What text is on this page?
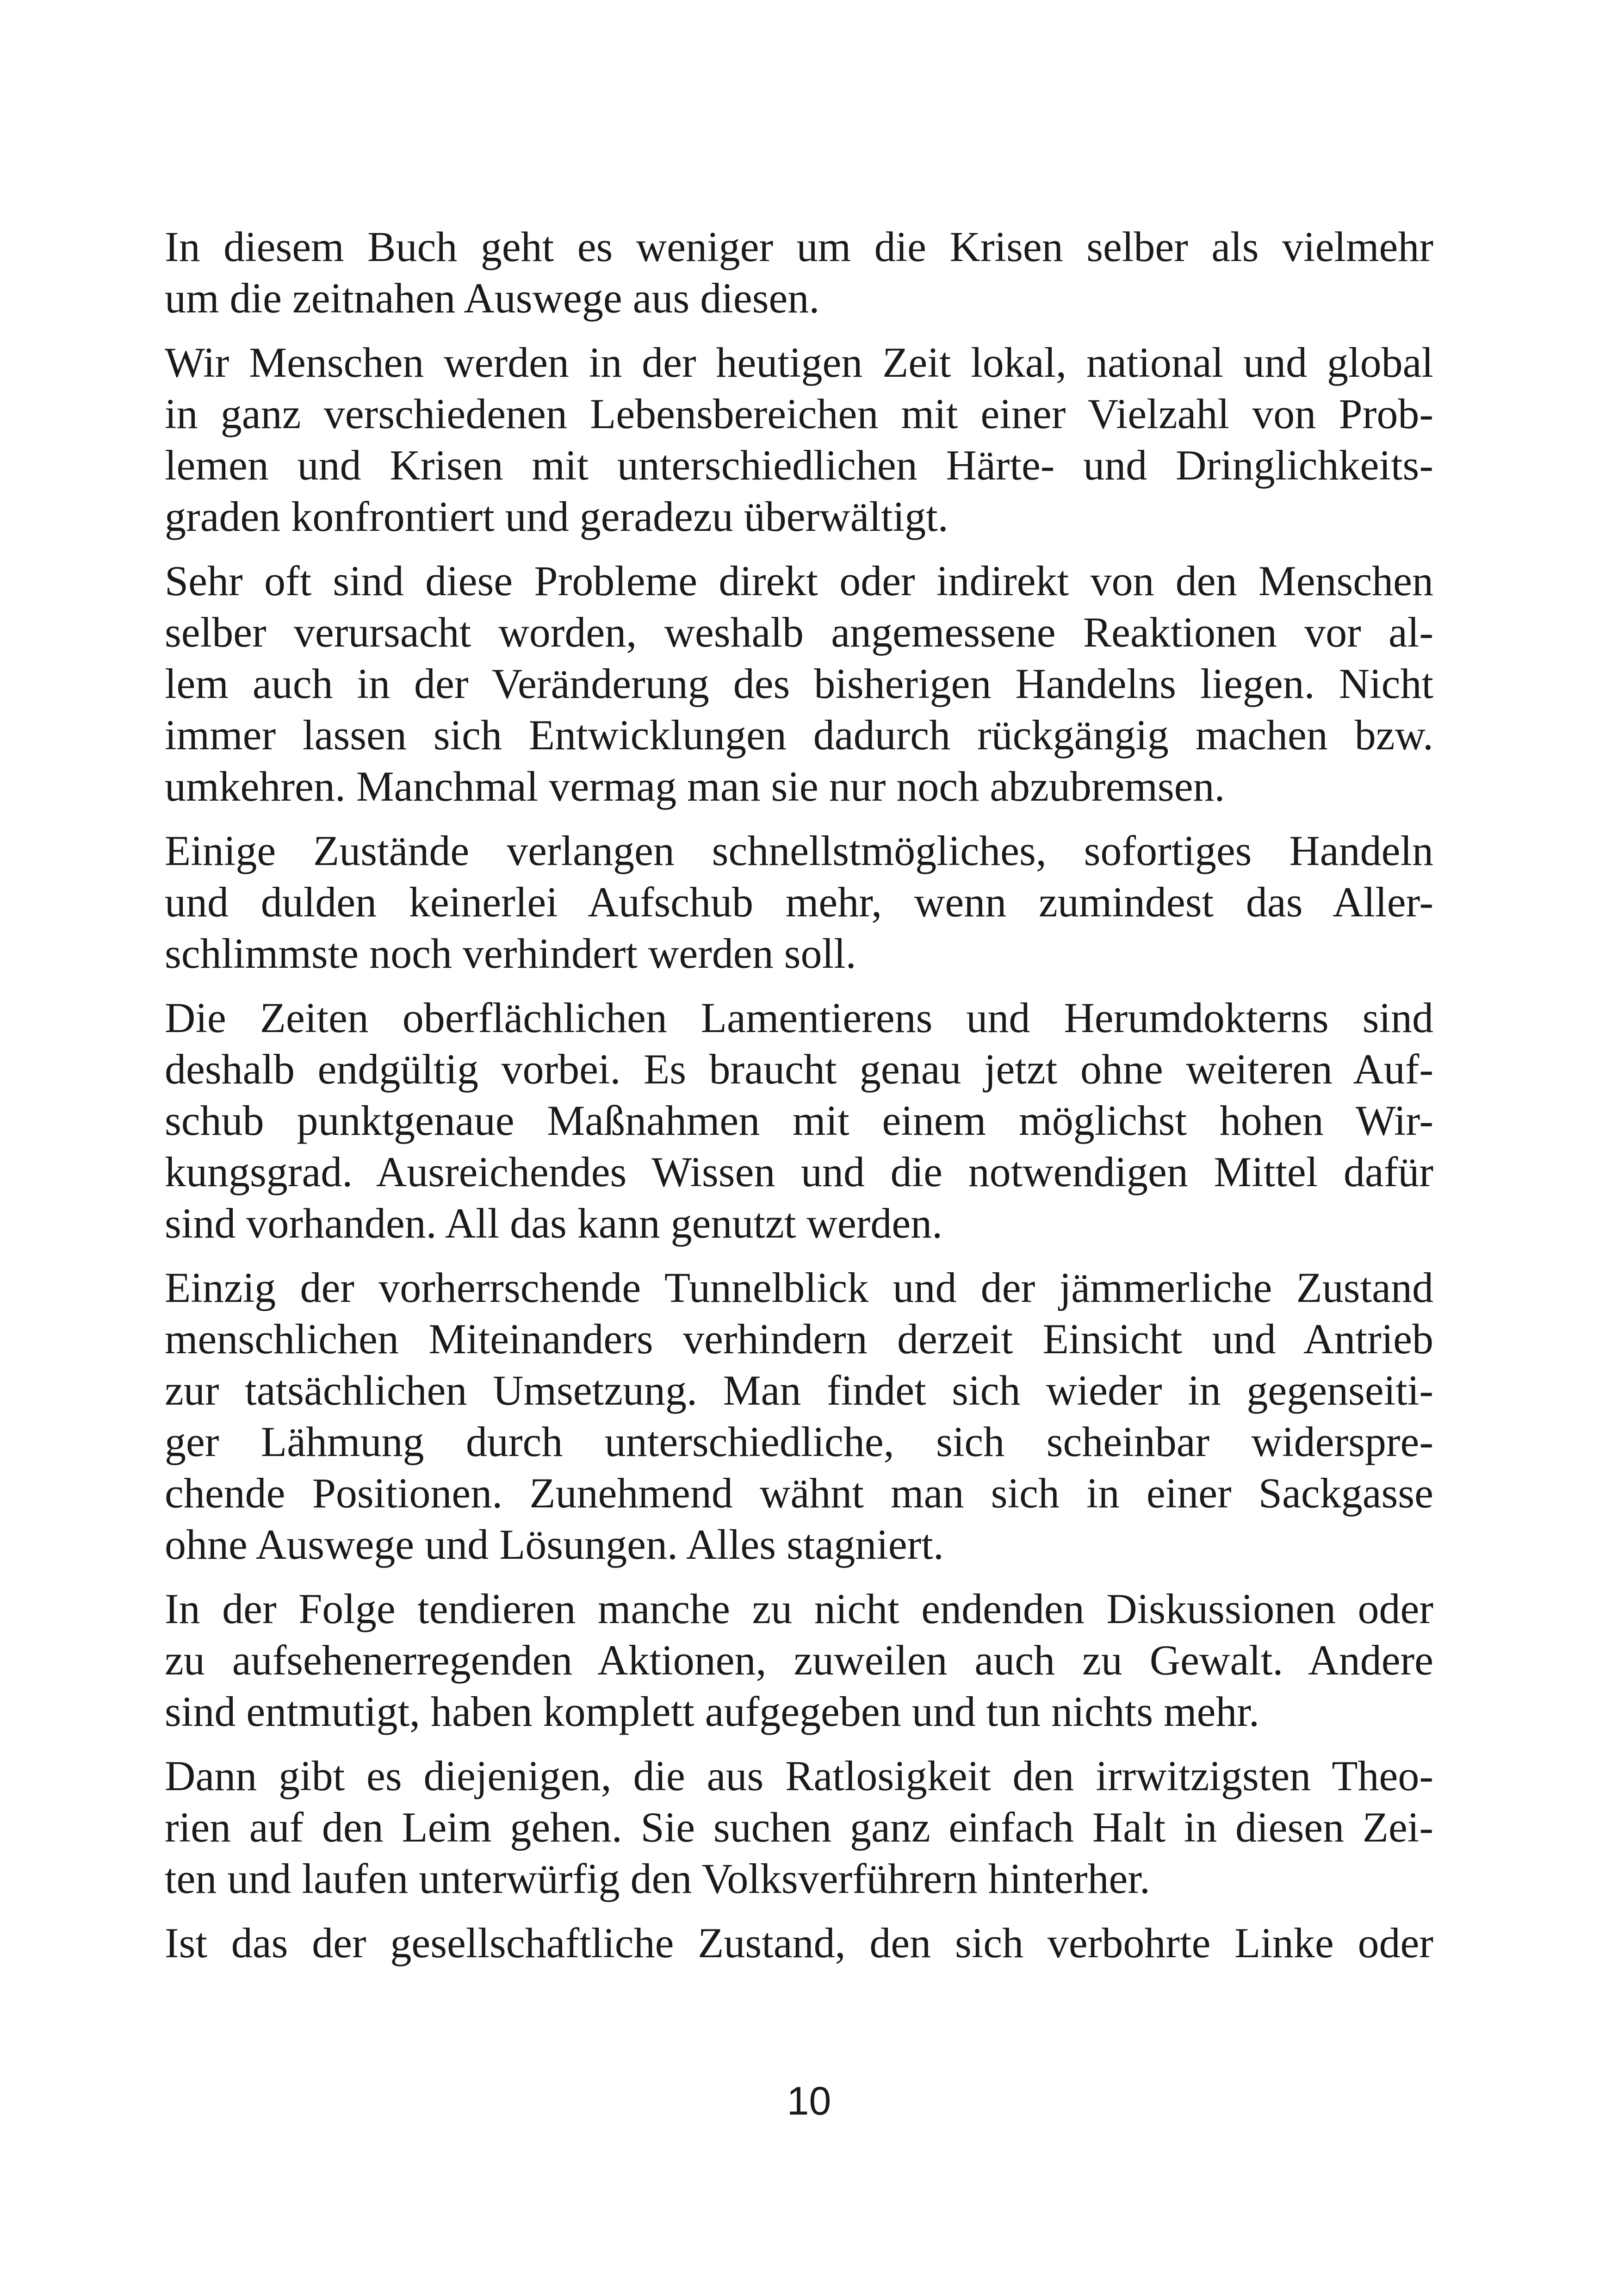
In diesem Buch geht es weniger um die Krisen selber als vielmehr
um die zeitnahen Auswege aus diesen.

Wir Menschen werden in der heutigen Zeit lokal, national und global
in ganz verschiedenen Lebensbereichen mit einer Vielzahl von Prob-
lemen und Krisen mit unterschiedlichen Härte- und Dringlichkeits-
graden konfrontiert und geradezu überwältigt.

Sehr oft sind diese Probleme direkt oder indirekt von den Menschen
selber verursacht worden, weshalb angemessene Reaktionen vor al-
lem auch in der Veränderung des bisherigen Handelns liegen. Nicht
immer lassen sich Entwicklungen dadurch rückgängig machen bzw.
umkehren. Manchmal vermag man sie nur noch abzubremsen.

Einige Zustände verlangen schnellstmögliches, sofortiges Handeln
und dulden keinerlei Aufschub mehr, wenn zumindest das Aller-
schlimmste noch verhindert werden soll.

Die Zeiten oberflächlichen Lamentierens und Herumdokterns sind
deshalb endgültig vorbei. Es braucht genau jetzt ohne weiteren Auf-
schub punktgenaue Maßnahmen mit einem möglichst hohen Wir-
kungsgrad. Ausreichendes Wissen und die notwendigen Mittel dafür
sind vorhanden. All das kann genutzt werden.

Einzig der vorherrschende Tunnelblick und der jämmerliche Zustand
menschlichen Miteinanders verhindern derzeit Einsicht und Antrieb
zur tatsächlichen Umsetzung. Man findet sich wieder in gegenseiti-
ger Lähmung durch unterschiedliche, sich scheinbar widerspre-
chende Positionen. Zunehmend wähnt man sich in einer Sackgasse
ohne Auswege und Lösungen. Alles stagniert.

In der Folge tendieren manche zu nicht endenden Diskussionen oder
zu aufsehenerregenden Aktionen, zuweilen auch zu Gewalt. Andere
sind entmutigt, haben komplett aufgegeben und tun nichts mehr.

Dann gibt es diejenigen, die aus Ratlosigkeit den irrwitzigsten Theo-
rien auf den Leim gehen. Sie suchen ganz einfach Halt in diesen Zei-
ten und laufen unterwürfig den Volksverführern hinterher.

Ist das der gesellschaftliche Zustand, den sich verbohrte Linke oder

10
